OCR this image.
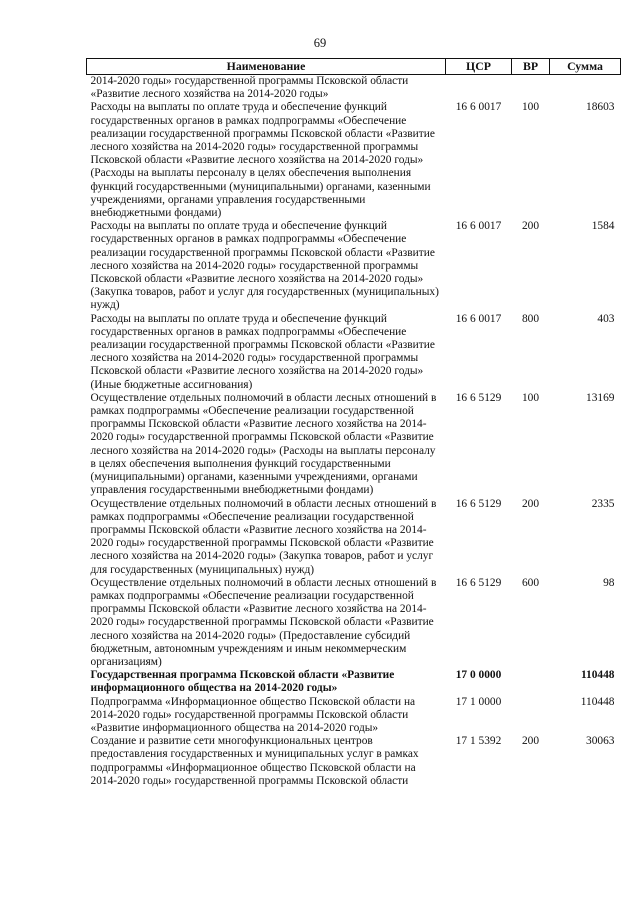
69
Наименование	ЦСР	ВР	Сумма
2014-2020 годы» государственной программы Псковской области «Развитие лесного хозяйства на 2014-2020 годы»			
Расходы на выплаты по оплате труда и обеспечение функций государственных органов в рамках подпрограммы «Обеспечение реализации государственной программы Псковской области «Развитие лесного хозяйства на 2014-2020 годы» государственной программы Псковской области «Развитие лесного хозяйства на 2014-2020 годы» (Расходы на выплаты персоналу в целях обеспечения выполнения функций государственными (муниципальными) органами, казенными учреждениями, органами управления государственными внебюджетными фондами)	16 6 0017	100	18603
Расходы на выплаты по оплате труда и обеспечение функций государственных органов в рамках подпрограммы «Обеспечение реализации государственной программы Псковской области «Развитие лесного хозяйства на 2014-2020 годы» государственной программы Псковской области «Развитие лесного хозяйства на 2014-2020 годы» (Закупка товаров, работ и услуг для государственных (муниципальных) нужд)	16 6 0017	200	1584
Расходы на выплаты по оплате труда и обеспечение функций государственных органов в рамках подпрограммы «Обеспечение реализации государственной программы Псковской области «Развитие лесного хозяйства на 2014-2020 годы» государственной программы Псковской области «Развитие лесного хозяйства на 2014-2020 годы» (Иные бюджетные ассигнования)	16 6 0017	800	403
Осуществление отдельных полномочий в области лесных отношений в рамках подпрограммы «Обеспечение реализации государственной программы Псковской области «Развитие лесного хозяйства на 2014-2020 годы» государственной программы Псковской области «Развитие лесного хозяйства на 2014-2020 годы» (Расходы на выплаты персоналу в целях обеспечения выполнения функций государственными (муниципальными) органами, казенными учреждениями, органами управления государственными внебюджетными фондами)	16 6 5129	100	13169
Осуществление отдельных полномочий в области лесных отношений в рамках подпрограммы «Обеспечение реализации государственной программы Псковской области «Развитие лесного хозяйства на 2014-2020 годы» государственной программы Псковской области «Развитие лесного хозяйства на 2014-2020 годы» (Закупка товаров, работ и услуг для государственных (муниципальных) нужд)	16 6 5129	200	2335
Осуществление отдельных полномочий в области лесных отношений в рамках подпрограммы «Обеспечение реализации государственной программы Псковской области «Развитие лесного хозяйства на 2014-2020 годы» государственной программы Псковской области «Развитие лесного хозяйства на 2014-2020 годы» (Предоставление субсидий бюджетным, автономным учреждениям и иным некоммерческим организациям)	16 6 5129	600	98
Государственная программа Псковской области «Развитие информационного общества на 2014-2020 годы»	17 0 0000		110448
Подпрограмма «Информационное общество Псковской области на 2014-2020 годы» государственной программы Псковской области «Развитие информационного общества на 2014-2020 годы»	17 1 0000		110448
Создание и развитие сети многофункциональных центров предоставления государственных и муниципальных услуг в рамках подпрограммы «Информационное общество Псковской области на 2014-2020 годы» государственной программы Псковской области	17 1 5392	200	30063
